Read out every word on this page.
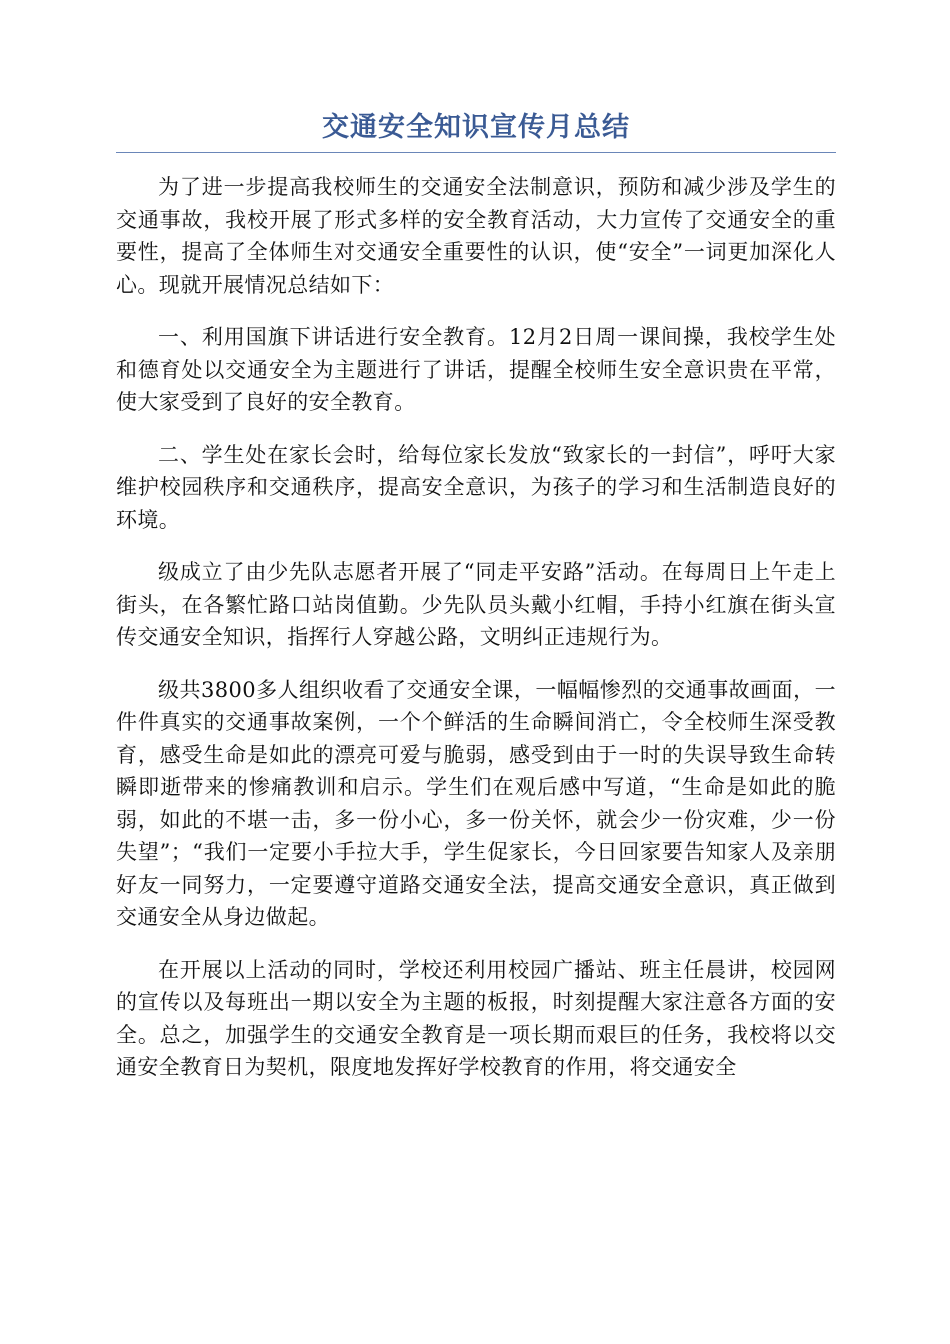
交通安全知识宣传月总结

为了进一步提高我校师生的交通安全法制意识，预防和减少涉及学生的交通事故，我校开展了形式多样的安全教育活动，大力宣传了交通安全的重要性，提高了全体师生对交通安全重要性的认识，使“安全”一词更加深化人心。现就开展情况总结如下：

一、利用国旗下讲话进行安全教育。12月2日周一课间操，我校学生处和德育处以交通安全为主题进行了讲话，提醒全校师生安全意识贵在平常，使大家受到了良好的安全教育。

二、学生处在家长会时，给每位家长发放“致家长的一封信”，呼吁大家维护校园秩序和交通秩序，提高安全意识，为孩子的学习和生活制造良好的环境。

级成立了由少先队志愿者开展了“同走平安路”活动。在每周日上午走上街头，在各繁忙路口站岗值勤。少先队员头戴小红帽，手持小红旗在街头宣传交通安全知识，指挥行人穿越公路，文明纠正违规行为。

级共3800多人组织收看了交通安全课，一幅幅惨烈的交通事故画面，一件件真实的交通事故案例，一个个鲜活的生命瞬间消亡，令全校师生深受教育，感受生命是如此的漂亮可爱与脆弱，感受到由于一时的失误导致生命转瞬即逝带来的惨痛教训和启示。学生们在观后感中写道，“生命是如此的脆弱，如此的不堪一击，多一份小心，多一份关怀，就会少一份灾难，少一份失望”；“我们一定要小手拉大手，学生促家长，今日回家要告知家人及亲朋好友一同努力，一定要遵守道路交通安全法，提高交通安全意识，真正做到交通安全从身边做起。

在开展以上活动的同时，学校还利用校园广播站、班主任晨讲，校园网的宣传以及每班出一期以安全为主题的板报，时刻提醒大家注意各方面的安全。总之，加强学生的交通安全教育是一项长期而艰巨的任务，我校将以交通安全教育日为契机，限度地发挥好学校教育的作用，将交通安全
